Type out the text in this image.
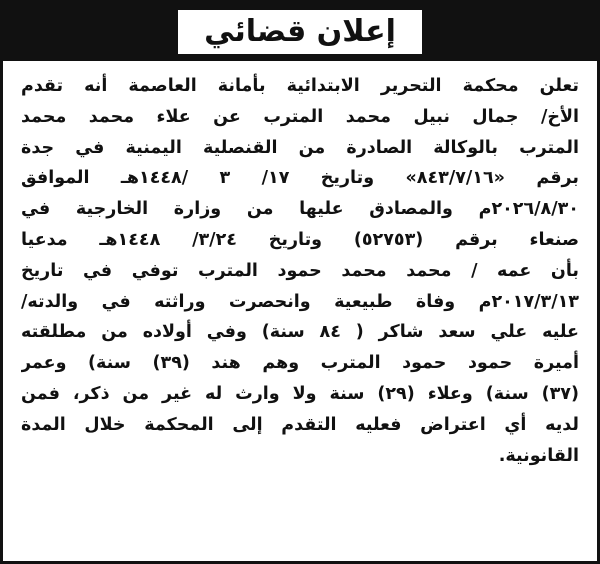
إعلان قضائي
تعلن محكمة التحرير الابتدائية بأمانة العاصمة أنه تقدم
الأخ/ جمال نبيل محمد المترب عن علاء محمد محمد
المترب بالوكالة الصادرة من القنصلية اليمنية في جدة
برقم «٨٤٣/٧/١٦» وتاريخ ١٧/ ٣ /١٤٤٨هـ الموافق
٢٠٢٦/٨/٣٠م والمصادق عليها من وزارة الخارجية في
صنعاء برقم (٥٢٧٥٣) وتاريخ ٣/٢٤/ ١٤٤٨هـ مدعيا
بأن عمه / محمد محمد حمود المترب توفي في تاريخ
٢٠١٧/٣/١٣م وفاة طبيعية وانحصرت وراثته في والدته/
عليه علي سعد شاكر ( ٨٤ سنة) وفي أولاده من مطلقته
أميرة حمود حمود المترب وهم هند (٣٩) سنة) وعمر
(٣٧) سنة) وعلاء (٢٩) سنة ولا وارث له غير من ذكر، فمن
لديه أي اعتراض فعليه التقدم إلى المحكمة خلال المدة
القانونية.
